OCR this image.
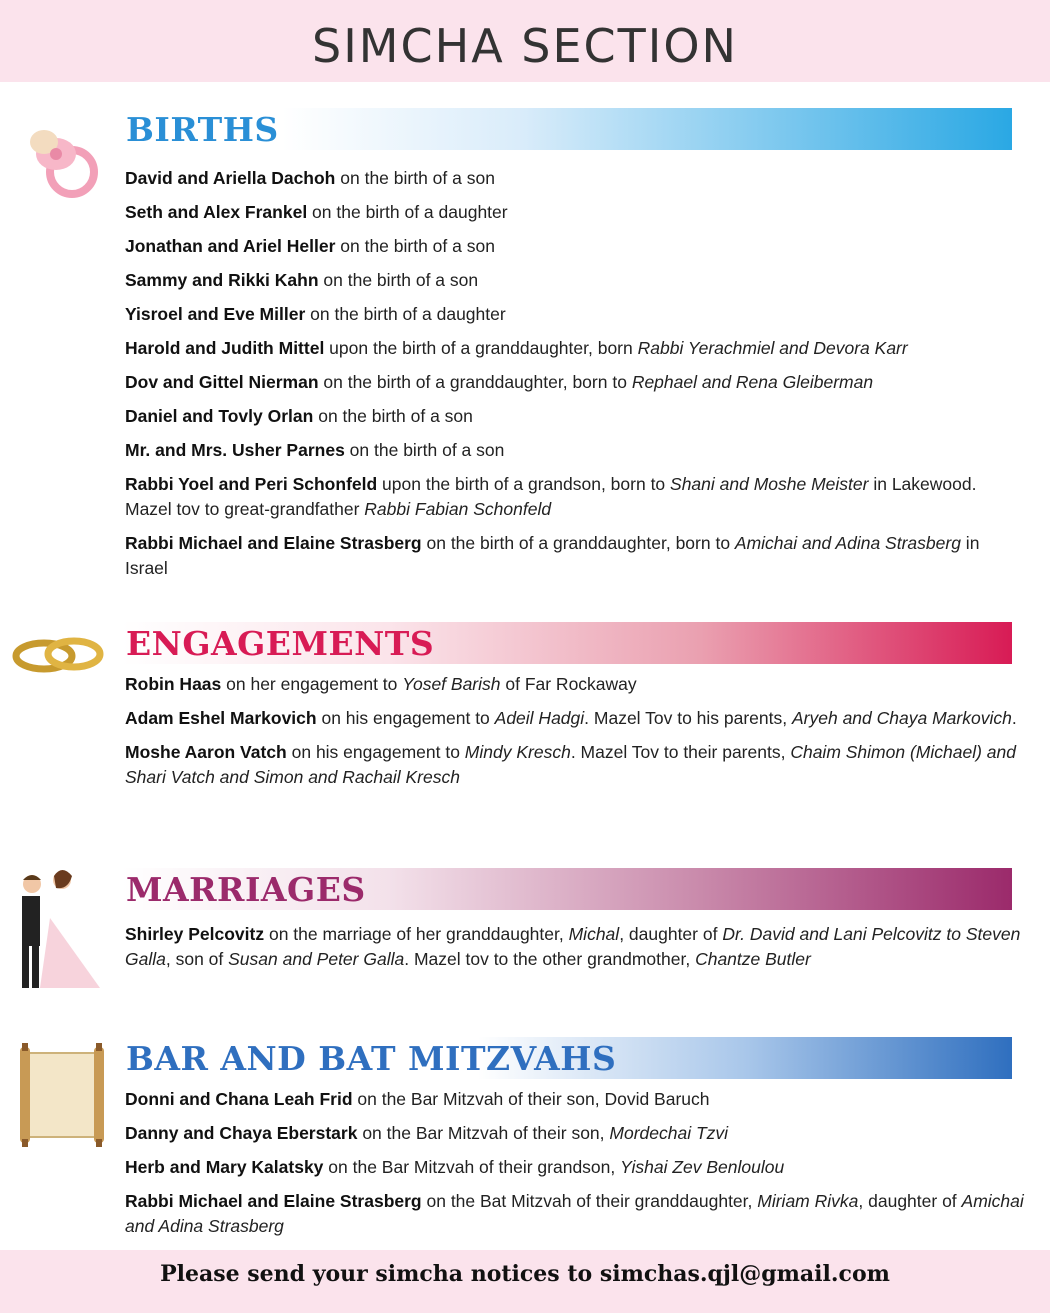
SIMCHA SECTION
BIRTHS

David and Ariella Dachoh on the birth of a son

Seth and Alex Frankel on the birth of a daughter

Jonathan and Ariel Heller on the birth of a son

Sammy and Rikki Kahn on the birth of a son

Yisroel and Eve Miller on the birth of a daughter

Harold and Judith Mittel upon the birth of a granddaughter, born Rabbi Yerachmiel and Devora Karr

Dov and Gittel Nierman on the birth of a granddaughter, born to Rephael and Rena Gleiberman

Daniel and Tovly Orlan on the birth of a son

Mr. and Mrs. Usher Parnes on the birth of a son

Rabbi Yoel and Peri Schonfeld upon the birth of a grandson, born to Shani and Moshe Meister in Lakewood. Mazel tov to great-grandfather Rabbi Fabian Schonfeld

Rabbi Michael and Elaine Strasberg on the birth of a granddaughter, born to Amichai and Adina Strasberg in Israel

ENGAGEMENTS

Robin Haas on her engagement to Yosef Barish of Far Rockaway

Adam Eshel Markovich on his engagement to Adeil Hadgi. Mazel Tov to his parents, Aryeh and Chaya Markovich.

Moshe Aaron Vatch on his engagement to Mindy Kresch. Mazel Tov to their parents, Chaim Shimon (Michael) and Shari Vatch and Simon and Rachail Kresch

MARRIAGES

Shirley Pelcovitz on the marriage of her granddaughter, Michal, daughter of Dr. David and Lani Pelcovitz to Steven Galla, son of Susan and Peter Galla. Mazel tov to the other grandmother, Chantze Butler

BAR AND BAT MITZVAHS

Donni and Chana Leah Frid on the Bar Mitzvah of their son, Dovid Baruch

Danny and Chaya Eberstark on the Bar Mitzvah of their son, Mordechai Tzvi

Herb and Mary Kalatsky on the Bar Mitzvah of their grandson, Yishai Zev Benloulou

Rabbi Michael and Elaine Strasberg on the Bat Mitzvah of their granddaughter, Miriam Rivka, daughter of Amichai and Adina Strasberg

Please send your simcha notices to simchas.qjl@gmail.com
